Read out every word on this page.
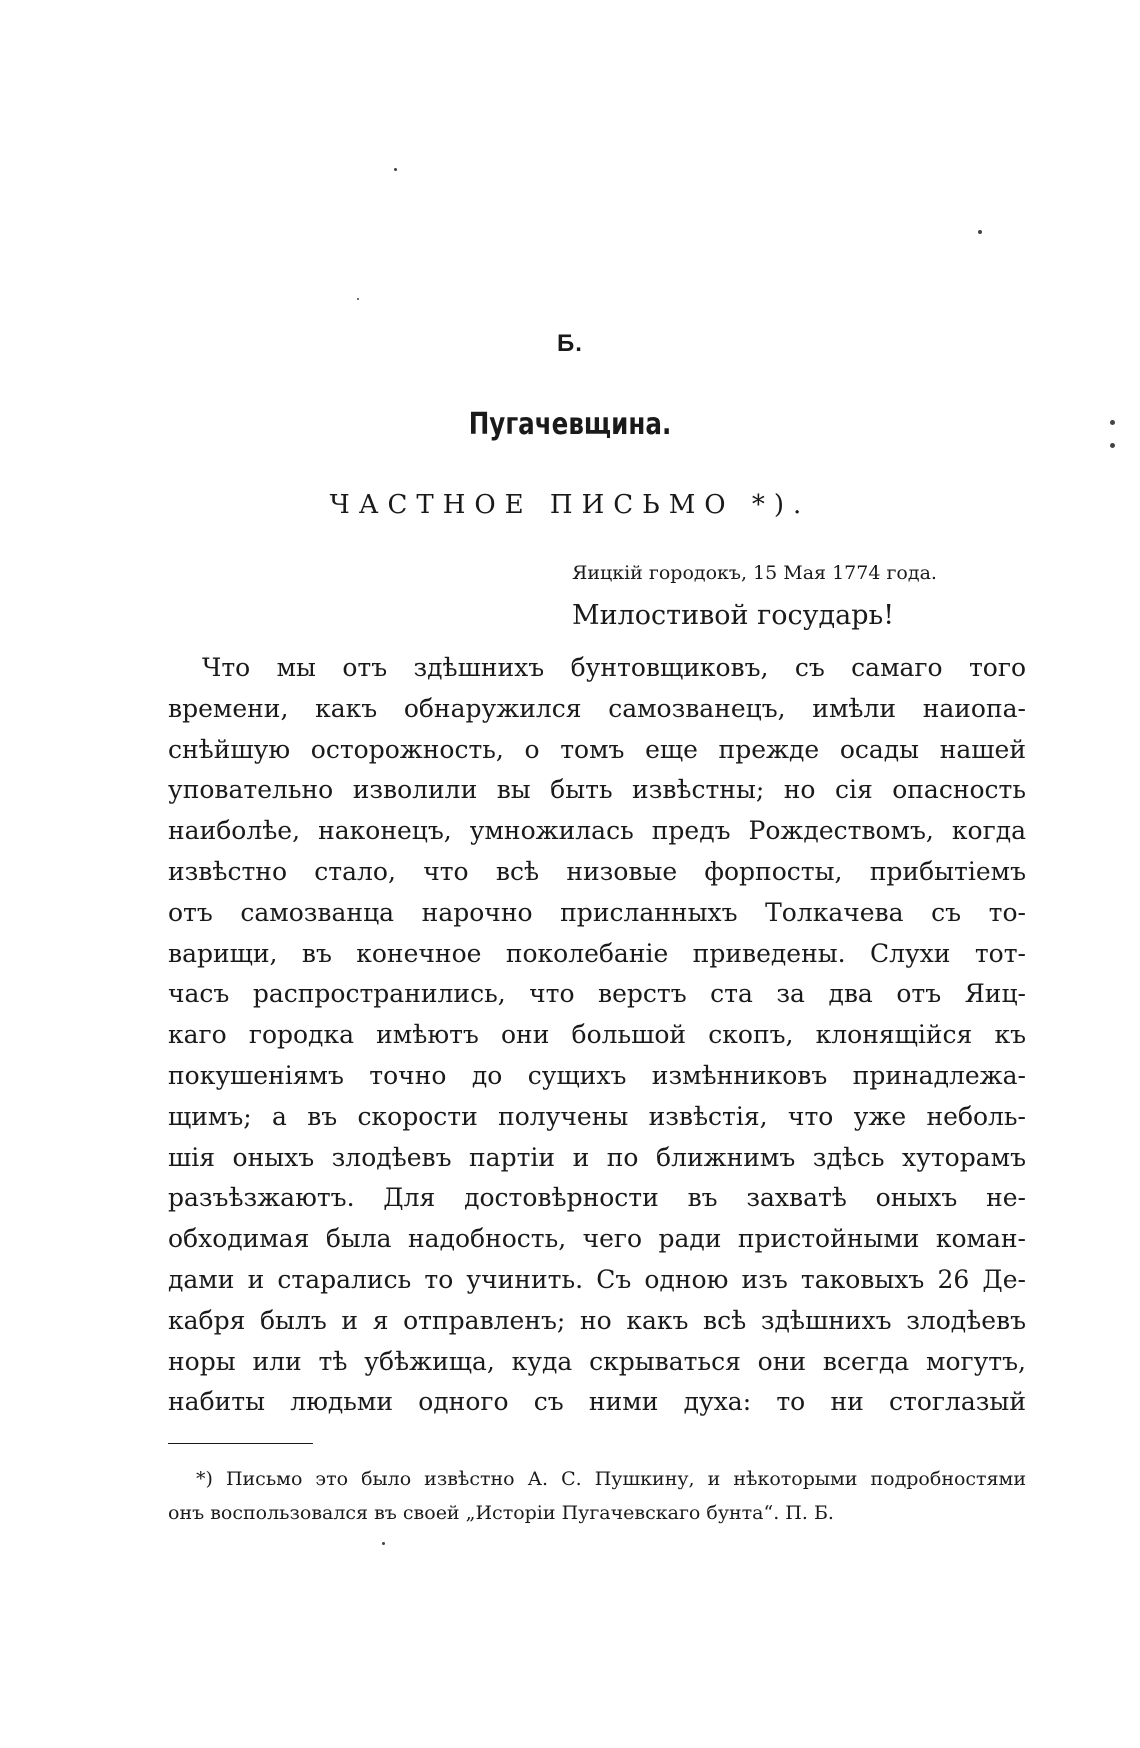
Б.
Пугачевщина.
ЧАСТНОЕ ПИСЬМО *).
Яицкій городокъ, 15 Мая 1774 года.
Милостивой государь!
Что мы отъ здѣшнихъ бунтовщиковъ, съ самаго того
времени, какъ обнаружился самозванецъ, имѣли наиопа-
снѣйшую осторожность, о томъ еще прежде осады нашей
уповательно изволили вы быть извѣстны; но сія опасность
наиболѣе, наконецъ, умножилась предъ Рождествомъ, когда
извѣстно стало, что всѣ низовые форпосты, прибытіемъ
отъ самозванца нарочно присланныхъ Толкачева съ то-
варищи, въ конечное поколебаніе приведены. Слухи тот-
часъ распространились, что верстъ ста за два отъ Яиц-
каго городка имѣютъ они большой скопъ, клонящійся къ
покушеніямъ точно до сущихъ измѣнниковъ принадлежа-
щимъ; а въ скорости получены извѣстія, что уже неболь-
шія оныхъ злодѣевъ партіи и по ближнимъ здѣсь хуторамъ
разъѣзжаютъ. Для достовѣрности въ захватѣ оныхъ не-
обходимая была надобность, чего ради пристойными коман-
дами и старались то учинить. Съ одною изъ таковыхъ 26 Де-
кабря былъ и я отправленъ; но какъ всѣ здѣшнихъ злодѣевъ
норы или тѣ убѣжища, куда скрываться они всегда могутъ,
набиты людьми одного съ ними духа: то ни стоглазый
*) Письмо это было извѣстно А. С. Пушкину, и нѣкоторыми подробностями
онъ воспользовался въ своей „Исторіи Пугачевскаго бунта“. П. Б.
